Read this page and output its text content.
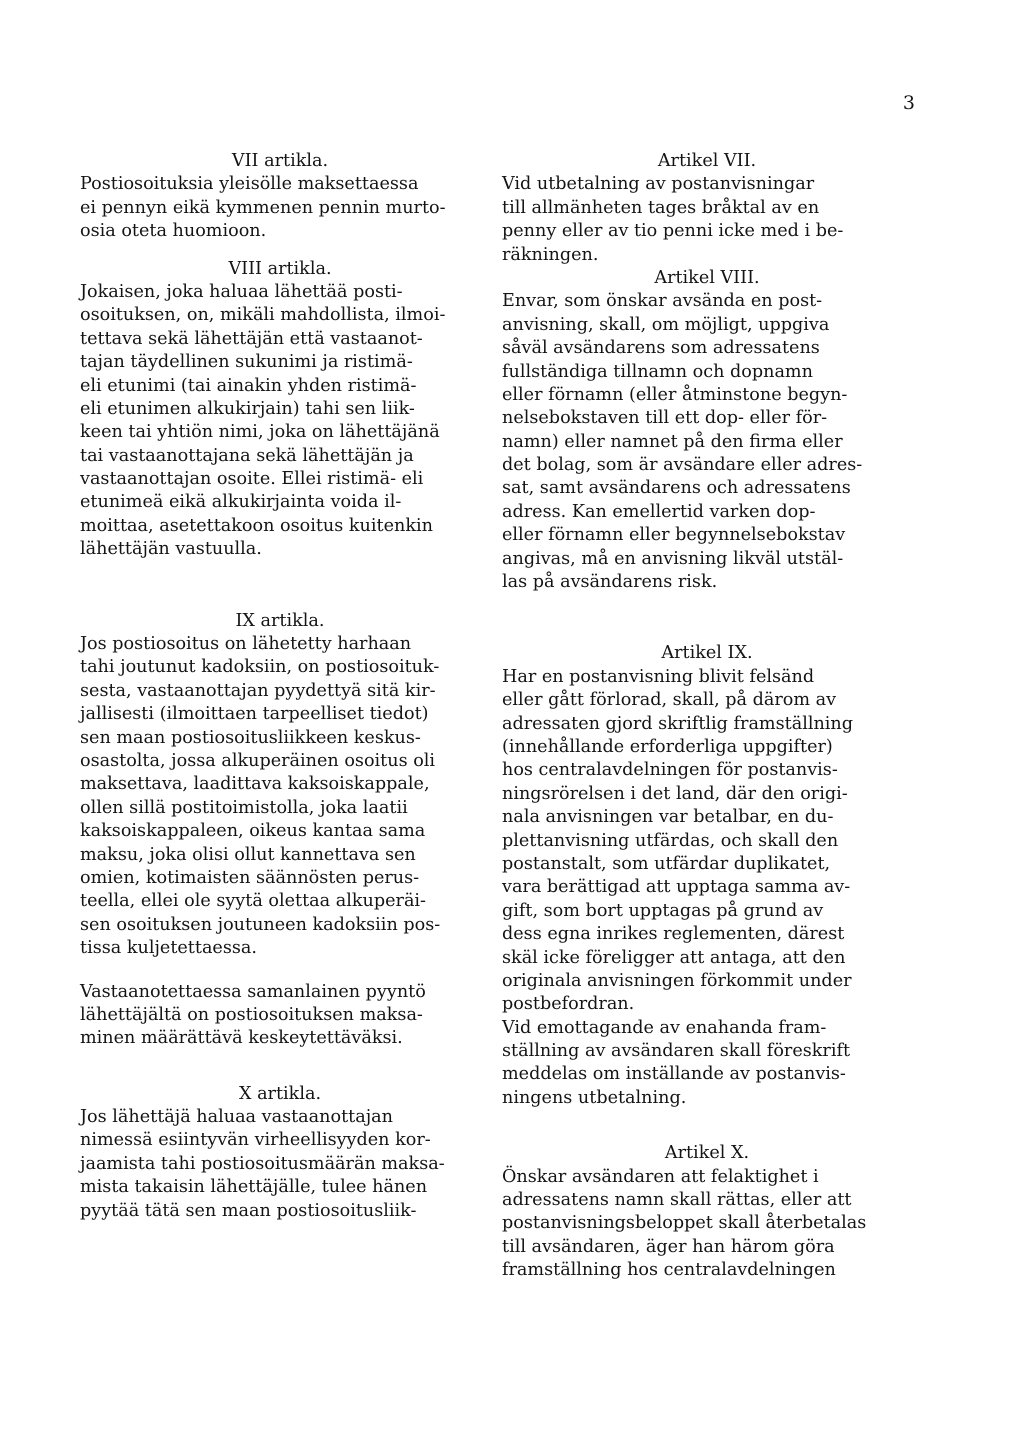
3
VII artikla.
Postiosoituksia yleisölle maksettaessa
ei pennyn eikä kymmenen pennin murto-
osia oteta huomioon.
VIII artikla.
Jokaisen, joka haluaa lähettää posti-
osoituksen, on, mikäli mahdollista, ilmoi-
tettava sekä lähettäjän että vastaanot-
tajan täydellinen sukunimi ja ristimä-
eli etunimi (tai ainakin yhden ristimä-
eli etunimen alkukirjain) tahi sen liik-
keen tai yhtiön nimi, joka on lähettäjänä
tai vastaanottajana sekä lähettäjän ja
vastaanottajan osoite. Ellei ristimä- eli
etunimeä eikä alkukirjainta voida il-
moittaa, asetettakoon osoitus kuitenkin
lähettäjän vastuulla.
IX artikla.
Jos postiosoitus on lähetetty harhaan
tahi joutunut kadoksiin, on postiosoituk-
sesta, vastaanottajan pyydettyä sitä kir-
jallisesti (ilmoittaen tarpeelliset tiedot)
sen maan postiosoitusliikkeen keskus-
osastolta, jossa alkuperäinen osoitus oli
maksettava, laadittava kaksoiskappale,
ollen sillä postitoimistolla, joka laatii
kaksoiskappaleen, oikeus kantaa sama
maksu, joka olisi ollut kannettava sen
omien, kotimaisten säännösten perus-
teella, ellei ole syytä olettaa alkuperäi-
sen osoituksen joutuneen kadoksiin pos-
tissa kuljetettaessa.
Vastaanotettaessa samanlainen pyyntö
lähettäjältä on postiosoituksen maksa-
minen määrättävä keskeytettäväksi.
X artikla.
Jos lähettäjä haluaa vastaanottajan
nimessä esiintyvän virheellisyyden kor-
jaamista tahi postiosoitusmäärän maksa-
mista takaisin lähettäjälle, tulee hänen
pyytää tätä sen maan postiosoitusliik-
Artikel VII.
Vid utbetalning av postanvisningar
till allmänheten tages bråktal av en
penny eller av tio penni icke med i be-
räkningen.
Artikel VIII.
Envar, som önskar avsända en post-
anvisning, skall, om möjligt, uppgiva
såväl avsändarens som adressatens
fullständiga tillnamn och dopnamn
eller förnamn (eller åtminstone begyn-
nelsebokstaven till ett dop- eller för-
namn) eller namnet på den firma eller
det bolag, som är avsändare eller adres-
sat, samt avsändarens och adressatens
adress. Kan emellertid varken dop-
eller förnamn eller begynnelsebokstav
angivas, må en anvisning likväl utstäl-
las på avsändarens risk.
Artikel IX.
Har en postanvisning blivit felsänd
eller gått förlorad, skall, på därom av
adressaten gjord skriftlig framställning
(innehållande erforderliga uppgifter)
hos centralavdelningen för postanvis-
ningsrörelsen i det land, där den origi-
nala anvisningen var betalbar, en du-
plettanvisning utfärdas, och skall den
postanstalt, som utfärdar duplikatet,
vara berättigad att upptaga samma av-
gift, som bort upptagas på grund av
dess egna inrikes reglementen, därest
skäl icke föreligger att antaga, att den
originala anvisningen förkommit under
postbefordran.
Vid emottagande av enahanda fram-
ställning av avsändaren skall föreskrift
meddelas om inställande av postanvis-
ningens utbetalning.
Artikel X.
Önskar avsändaren att felaktighet i
adressatens namn skall rättas, eller att
postanvisningsbeloppet skall återbetalas
till avsändaren, äger han härom göra
framställning hos centralavdelningen
